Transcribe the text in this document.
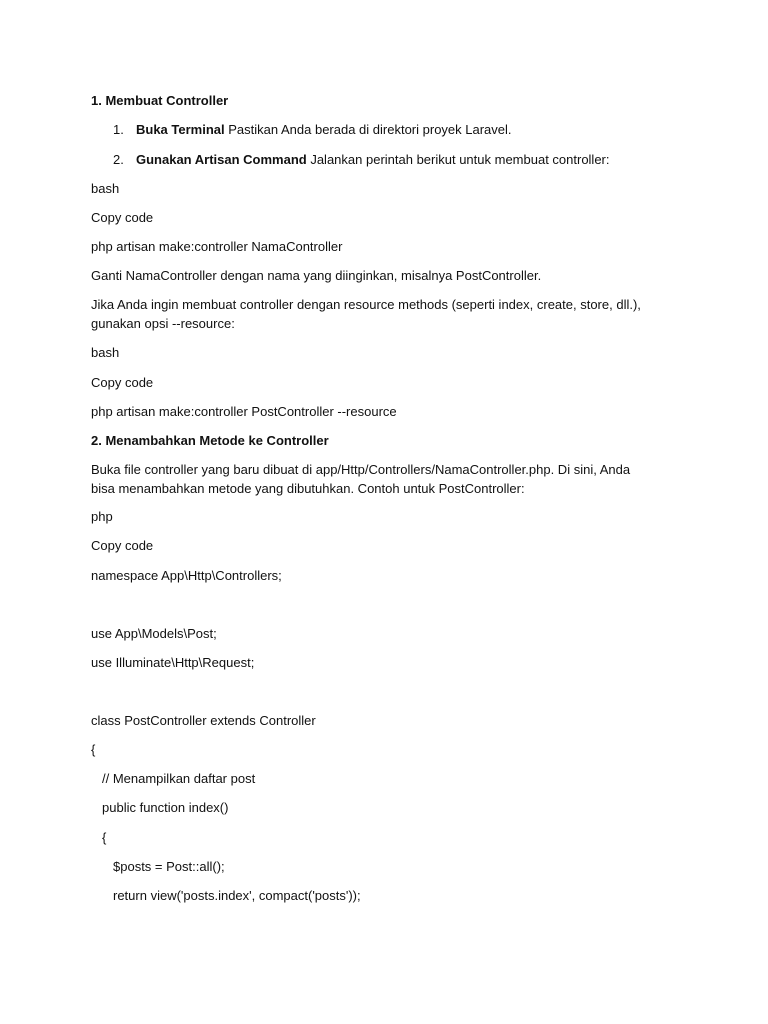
1. Membuat Controller
1. Buka Terminal Pastikan Anda berada di direktori proyek Laravel.
2. Gunakan Artisan Command Jalankan perintah berikut untuk membuat controller:
bash
Copy code
php artisan make:controller NamaController
Ganti NamaController dengan nama yang diinginkan, misalnya PostController.
Jika Anda ingin membuat controller dengan resource methods (seperti index, create, store, dll.),
gunakan opsi --resource:
bash
Copy code
php artisan make:controller PostController --resource
2. Menambahkan Metode ke Controller
Buka file controller yang baru dibuat di app/Http/Controllers/NamaController.php. Di sini, Anda
bisa menambahkan metode yang dibutuhkan. Contoh untuk PostController:
php
Copy code
namespace App\Http\Controllers;
use App\Models\Post;
use Illuminate\Http\Request;
class PostController extends Controller
{
// Menampilkan daftar post
public function index()
{
$posts = Post::all();
return view('posts.index', compact('posts'));
